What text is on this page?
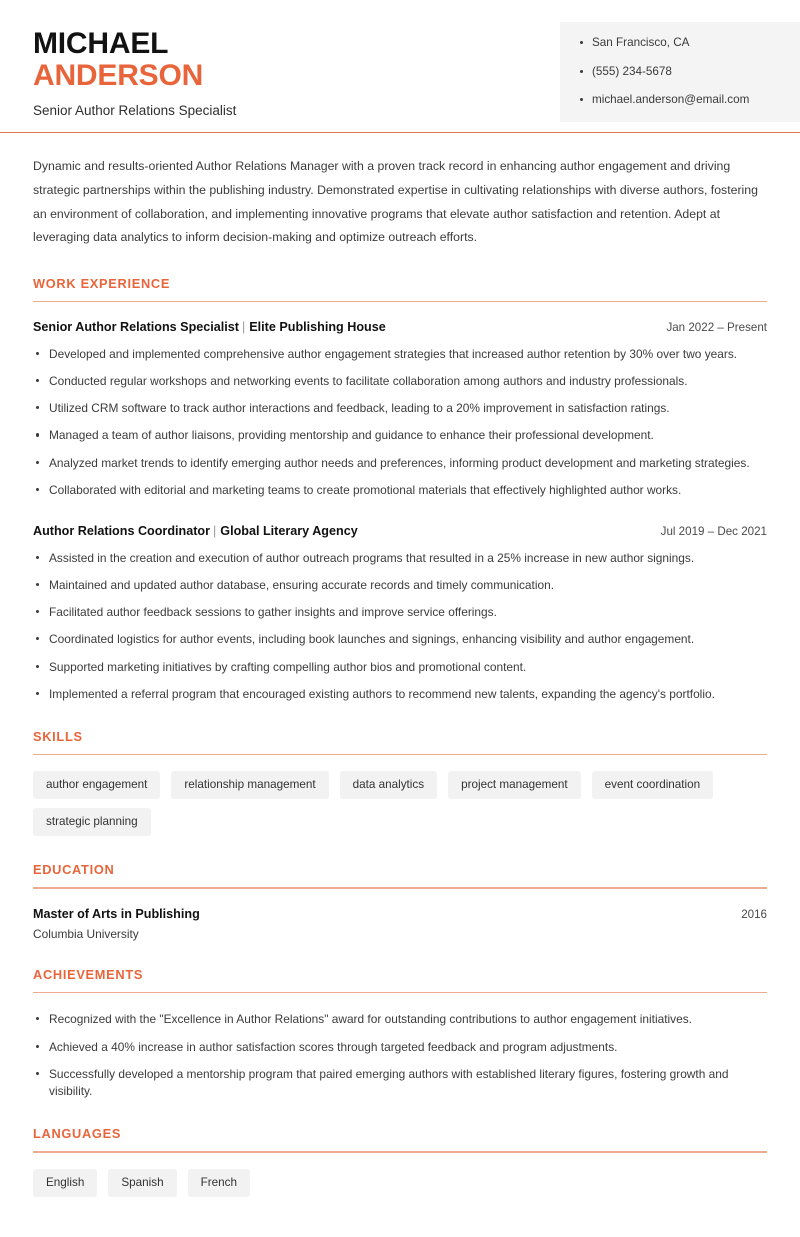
MICHAEL
ANDERSON
Senior Author Relations Specialist
San Francisco, CA
(555) 234-5678
michael.anderson@email.com

Dynamic and results-oriented Author Relations Manager with a proven track record in enhancing author engagement and driving strategic partnerships within the publishing industry. Demonstrated expertise in cultivating relationships with diverse authors, fostering an environment of collaboration, and implementing innovative programs that elevate author satisfaction and retention. Adept at leveraging data analytics to inform decision-making and optimize outreach efforts.

WORK EXPERIENCE
Senior Author Relations Specialist | Elite Publishing House	Jan 2022 – Present
Developed and implemented comprehensive author engagement strategies that increased author retention by 30% over two years.
Conducted regular workshops and networking events to facilitate collaboration among authors and industry professionals.
Utilized CRM software to track author interactions and feedback, leading to a 20% improvement in satisfaction ratings.
Managed a team of author liaisons, providing mentorship and guidance to enhance their professional development.
Analyzed market trends to identify emerging author needs and preferences, informing product development and marketing strategies.
Collaborated with editorial and marketing teams to create promotional materials that effectively highlighted author works.
Author Relations Coordinator | Global Literary Agency	Jul 2019 – Dec 2021
Assisted in the creation and execution of author outreach programs that resulted in a 25% increase in new author signings.
Maintained and updated author database, ensuring accurate records and timely communication.
Facilitated author feedback sessions to gather insights and improve service offerings.
Coordinated logistics for author events, including book launches and signings, enhancing visibility and author engagement.
Supported marketing initiatives by crafting compelling author bios and promotional content.
Implemented a referral program that encouraged existing authors to recommend new talents, expanding the agency's portfolio.
SKILLS
author engagement	relationship management	data analytics	project management	event coordination
strategic planning
EDUCATION
Master of Arts in Publishing	2016
Columbia University
ACHIEVEMENTS
Recognized with the "Excellence in Author Relations" award for outstanding contributions to author engagement initiatives.
Achieved a 40% increase in author satisfaction scores through targeted feedback and program adjustments.
Successfully developed a mentorship program that paired emerging authors with established literary figures, fostering growth and visibility.
LANGUAGES
English	Spanish	French
